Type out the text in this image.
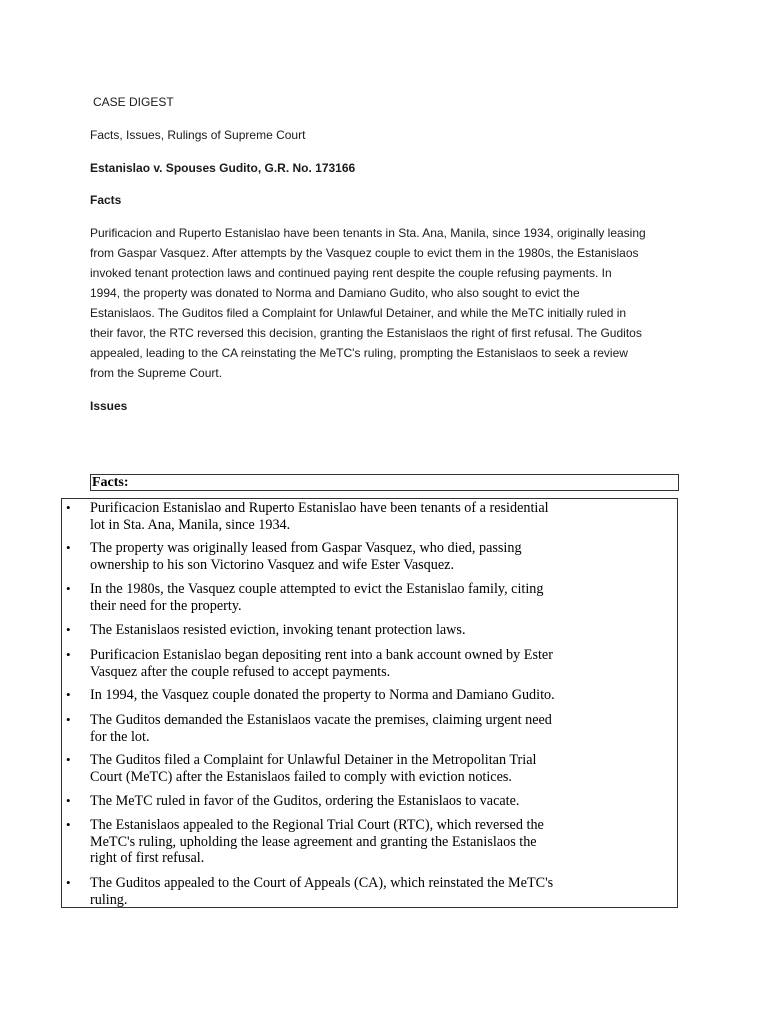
CASE DIGEST
Facts, Issues, Rulings of Supreme Court
Estanislao v. Spouses Gudito, G.R. No. 173166
Facts
Purificacion and Ruperto Estanislao have been tenants in Sta. Ana, Manila, since 1934, originally leasing
from Gaspar Vasquez. After attempts by the Vasquez couple to evict them in the 1980s, the Estanislaos
invoked tenant protection laws and continued paying rent despite the couple refusing payments. In
1994, the property was donated to Norma and Damiano Gudito, who also sought to evict the
Estanislaos. The Guditos filed a Complaint for Unlawful Detainer, and while the MeTC initially ruled in
their favor, the RTC reversed this decision, granting the Estanislaos the right of first refusal. The Guditos
appealed, leading to the CA reinstating the MeTC's ruling, prompting the Estanislaos to seek a review
from the Supreme Court.
Issues
Facts:
• Purificacion Estanislao and Ruperto Estanislao have been tenants of a residential
lot in Sta. Ana, Manila, since 1934.
• The property was originally leased from Gaspar Vasquez, who died, passing
ownership to his son Victorino Vasquez and wife Ester Vasquez.
• In the 1980s, the Vasquez couple attempted to evict the Estanislao family, citing
their need for the property.
• The Estanislaos resisted eviction, invoking tenant protection laws.
• Purificacion Estanislao began depositing rent into a bank account owned by Ester
Vasquez after the couple refused to accept payments.
• In 1994, the Vasquez couple donated the property to Norma and Damiano Gudito.
• The Guditos demanded the Estanislaos vacate the premises, claiming urgent need
for the lot.
• The Guditos filed a Complaint for Unlawful Detainer in the Metropolitan Trial
Court (MeTC) after the Estanislaos failed to comply with eviction notices.
• The MeTC ruled in favor of the Guditos, ordering the Estanislaos to vacate.
• The Estanislaos appealed to the Regional Trial Court (RTC), which reversed the
MeTC's ruling, upholding the lease agreement and granting the Estanislaos the
right of first refusal.
• The Guditos appealed to the Court of Appeals (CA), which reinstated the MeTC's
ruling.
